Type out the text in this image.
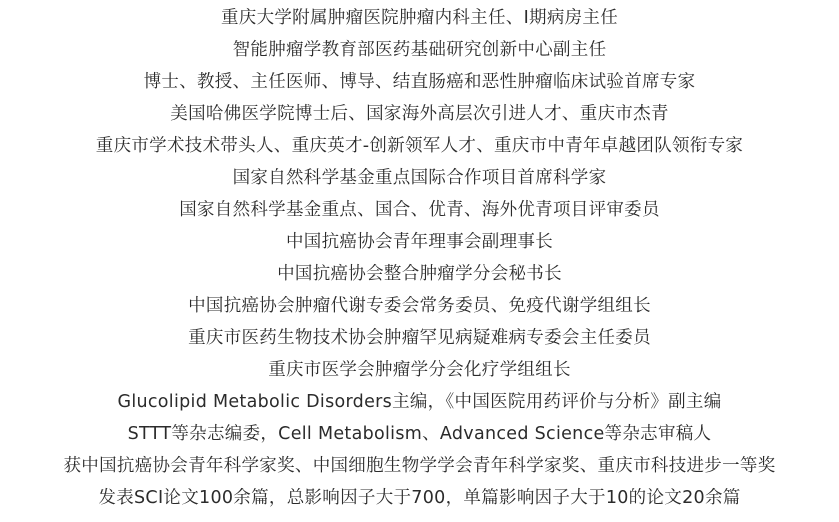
重庆大学附属肿瘤医院肿瘤内科主任、I期病房主任
智能肿瘤学教育部医药基础研究创新中心副主任
博士、教授、主任医师、博导、结直肠癌和恶性肿瘤临床试验首席专家
美国哈佛医学院博士后、国家海外高层次引进人才、重庆市杰青
重庆市学术技术带头人、重庆英才-创新领军人才、重庆市中青年卓越团队领衔专家
国家自然科学基金重点国际合作项目首席科学家
国家自然科学基金重点、国合、优青、海外优青项目评审委员
中国抗癌协会青年理事会副理事长
中国抗癌协会整合肿瘤学分会秘书长
中国抗癌协会肿瘤代谢专委会常务委员、免疫代谢学组组长
重庆市医药生物技术协会肿瘤罕见病疑难病专委会主任委员
重庆市医学会肿瘤学分会化疗学组组长
Glucolipid Metabolic Disorders主编，《中国医院用药评价与分析》副主编
STTT等杂志编委，Cell Metabolism、Advanced Science等杂志审稿人
获中国抗癌协会青年科学家奖、中国细胞生物学学会青年科学家奖、重庆市科技进步一等奖
发表SCI论文100余篇，总影响因子大于700，单篇影响因子大于10的论文20余篇
